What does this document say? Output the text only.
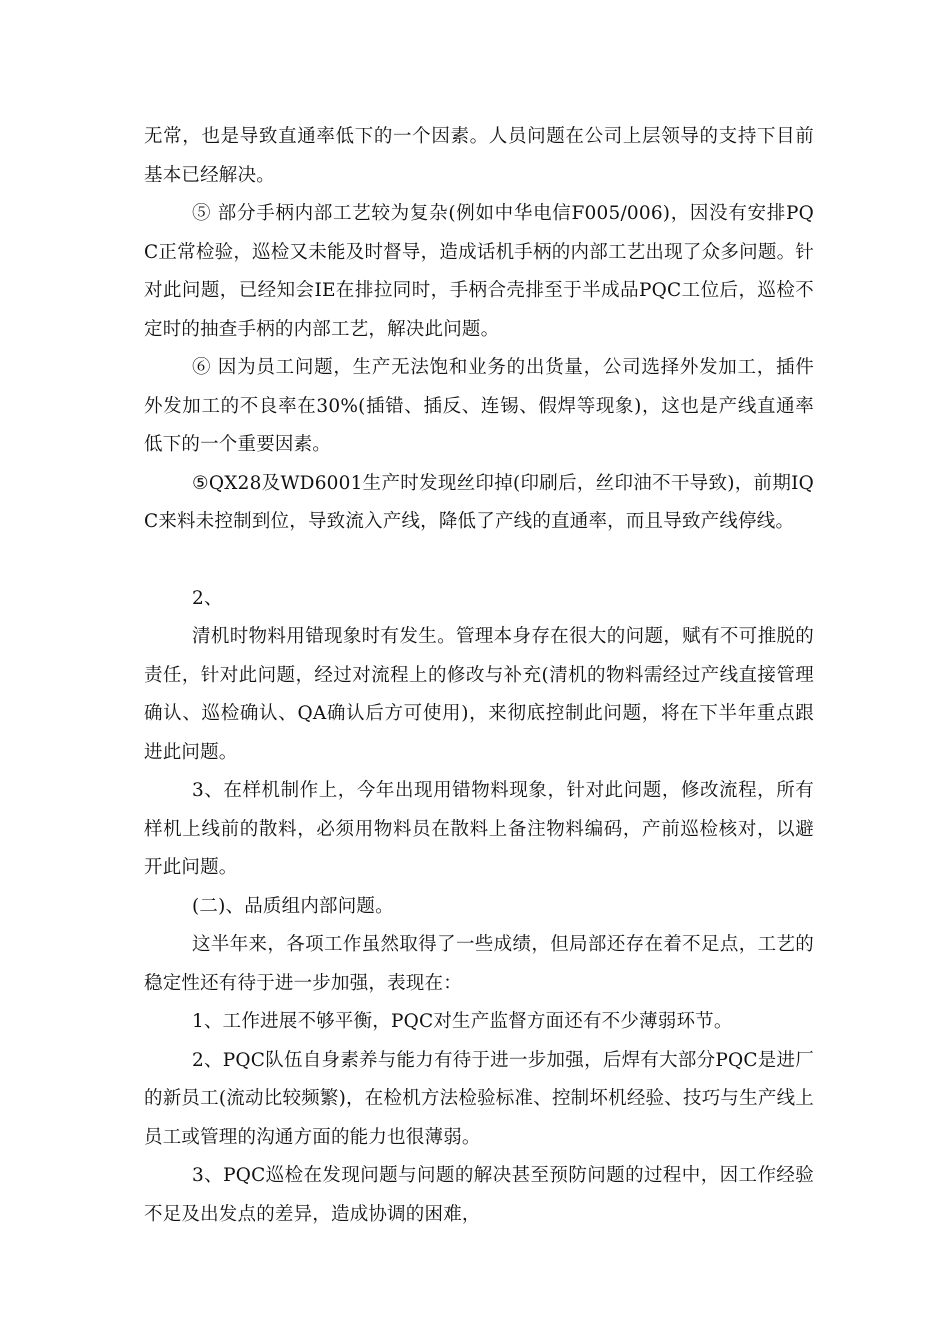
无常，也是导致直通率低下的一个因素。人员问题在公司上层领导的支持下目前基本已经解决。

⑤ 部分手柄内部工艺较为复杂(例如中华电信F005/006)，因没有安排PQC正常检验，巡检又未能及时督导，造成话机手柄的内部工艺出现了众多问题。针对此问题，已经知会IE在排拉同时，手柄合壳排至于半成品PQC工位后，巡检不定时的抽查手柄的内部工艺，解决此问题。

⑥ 因为员工问题，生产无法饱和业务的出货量，公司选择外发加工，插件外发加工的不良率在30%(插错、插反、连锡、假焊等现象)，这也是产线直通率低下的一个重要因素。

⑤QX28及WD6001生产时发现丝印掉(印刷后，丝印油不干导致)，前期IQC来料未控制到位，导致流入产线，降低了产线的直通率，而且导致产线停线。

2、

清机时物料用错现象时有发生。管理本身存在很大的问题，赋有不可推脱的责任，针对此问题，经过对流程上的修改与补充(清机的物料需经过产线直接管理确认、巡检确认、QA确认后方可使用)，来彻底控制此问题，将在下半年重点跟进此问题。

3、在样机制作上，今年出现用错物料现象，针对此问题，修改流程，所有样机上线前的散料，必须用物料员在散料上备注物料编码，产前巡检核对，以避开此问题。

(二)、品质组内部问题。

这半年来，各项工作虽然取得了一些成绩，但局部还存在着不足点，工艺的稳定性还有待于进一步加强，表现在：

1、工作进展不够平衡，PQC对生产监督方面还有不少薄弱环节。

2、PQC队伍自身素养与能力有待于进一步加强，后焊有大部分PQC是进厂的新员工(流动比较频繁)，在检机方法检验标准、控制坏机经验、技巧与生产线上员工或管理的沟通方面的能力也很薄弱。

3、PQC巡检在发现问题与问题的解决甚至预防问题的过程中，因工作经验不足及出发点的差异，造成协调的困难，
